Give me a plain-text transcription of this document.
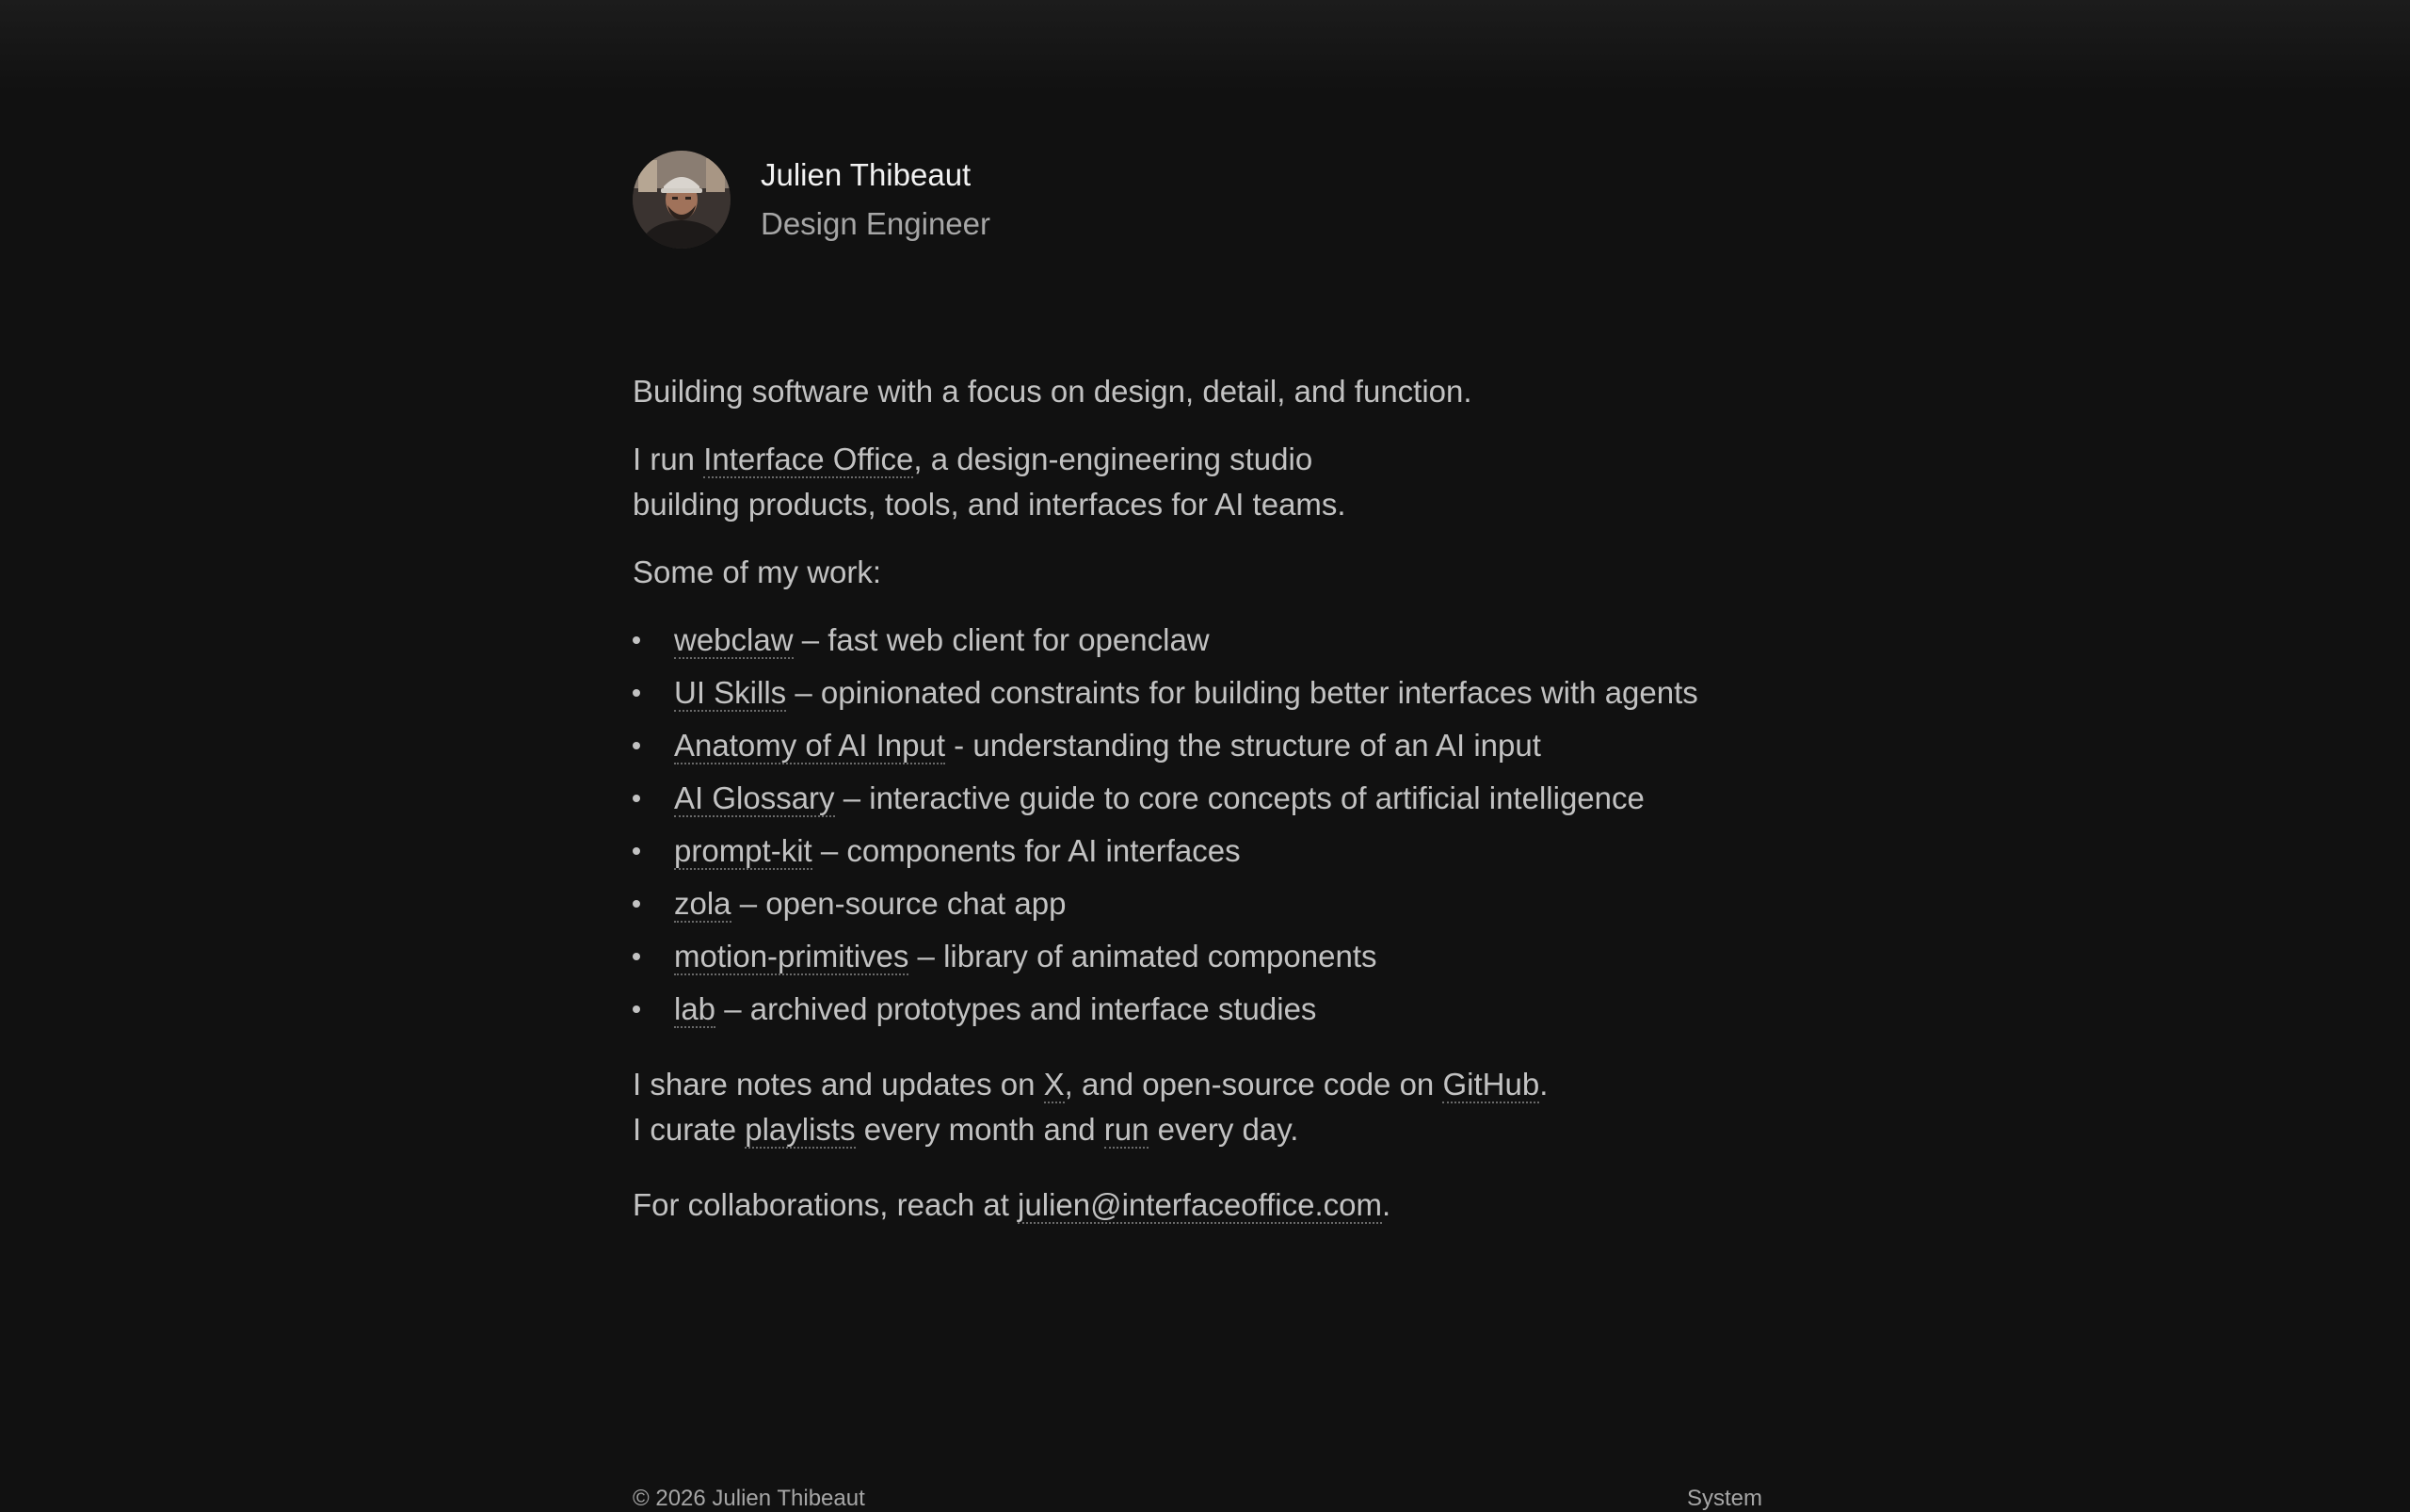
Julien Thibeaut
Design Engineer

Building software with a focus on design, detail, and function.

I run Interface Office, a design-engineering studio
building products, tools, and interfaces for AI teams.

Some of my work:

webclaw – fast web client for openclaw
UI Skills – opinionated constraints for building better interfaces with agents
Anatomy of AI Input - understanding the structure of an AI input
AI Glossary – interactive guide to core concepts of artificial intelligence
prompt-kit – components for AI interfaces
zola – open-source chat app
motion-primitives – library of animated components
lab – archived prototypes and interface studies

I share notes and updates on X, and open-source code on GitHub.
I curate playlists every month and run every day.

For collaborations, reach at julien@interfaceoffice.com.

© 2026 Julien Thibeaut	System
